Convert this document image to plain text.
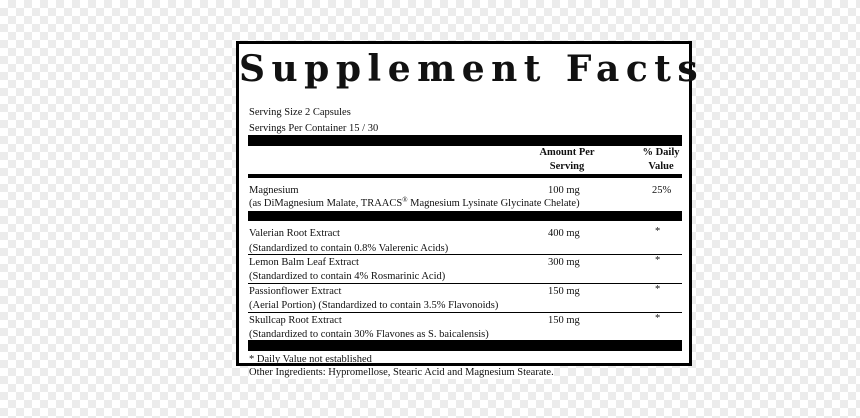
Supplement Facts
Serving Size 2 Capsules
Servings Per Container 15 / 30
Amount Per
Serving
% Daily
Value
Magnesium
(as DiMagnesium Malate, TRAACS® Magnesium Lysinate Glycinate Chelate)
100 mg	25%
Valerian Root Extract
(Standardized to contain 0.8% Valerenic Acids)
400 mg	*
Lemon Balm Leaf Extract
(Standardized to contain 4% Rosmarinic Acid)
300 mg	*
Passionflower Extract
(Aerial Portion) (Standardized to contain 3.5% Flavonoids)
150 mg	*
Skullcap Root Extract
(Standardized to contain 30% Flavones as S. baicalensis)
150 mg	*
* Daily Value not established
Other Ingredients: Hypromellose, Stearic Acid and Magnesium Stearate.
